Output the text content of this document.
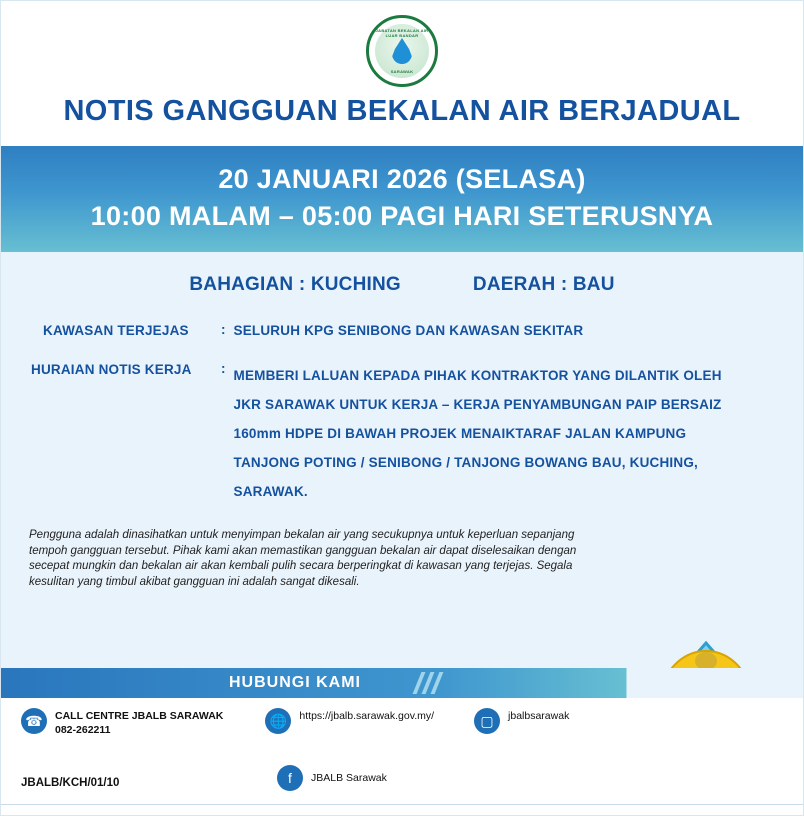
JABATAN BEKALAN AIR LUAR BANDAR
SARAWAK
NOTIS GANGGUAN BEKALAN AIR BERJADUAL
20 JANUARI 2026 (SELASA)
10:00 MALAM – 05:00 PAGI HARI SETERUSNYA
BAHAGIAN : KUCHING	DAERAH : BAU
KAWASAN TERJEJAS	: SELURUH KPG SENIBONG DAN KAWASAN SEKITAR
HURAIAN NOTIS KERJA	: MEMBERI LALUAN KEPADA PIHAK KONTRAKTOR YANG DILANTIK OLEH
JKR SARAWAK UNTUK KERJA – KERJA PENYAMBUNGAN PAIP BERSAIZ
160mm HDPE DI BAWAH PROJEK MENAIKTARAF JALAN KAMPUNG
TANJONG POTING / SENIBONG / TANJONG BOWANG BAU, KUCHING,
SARAWAK.
Pengguna adalah dinasihatkan untuk menyimpan bekalan air yang secukupnya untuk keperluan sepanjang tempoh gangguan tersebut. Pihak kami akan memastikan gangguan bekalan air dapat diselesaikan dengan secepat mungkin dan bekalan air akan kembali pulih secara berperingkat di kawasan yang terjejas. Segala kesulitan yang timbul akibat gangguan ini adalah sangat dikesali.
HUBUNGI KAMI
☎	CALL CENTRE JBALB SARAWAK
082-262211
🌐	https://jbalb.sarawak.gov.my/	▢	jbalbsarawak
f	JBALB Sarawak
JBALB/KCH/01/10
